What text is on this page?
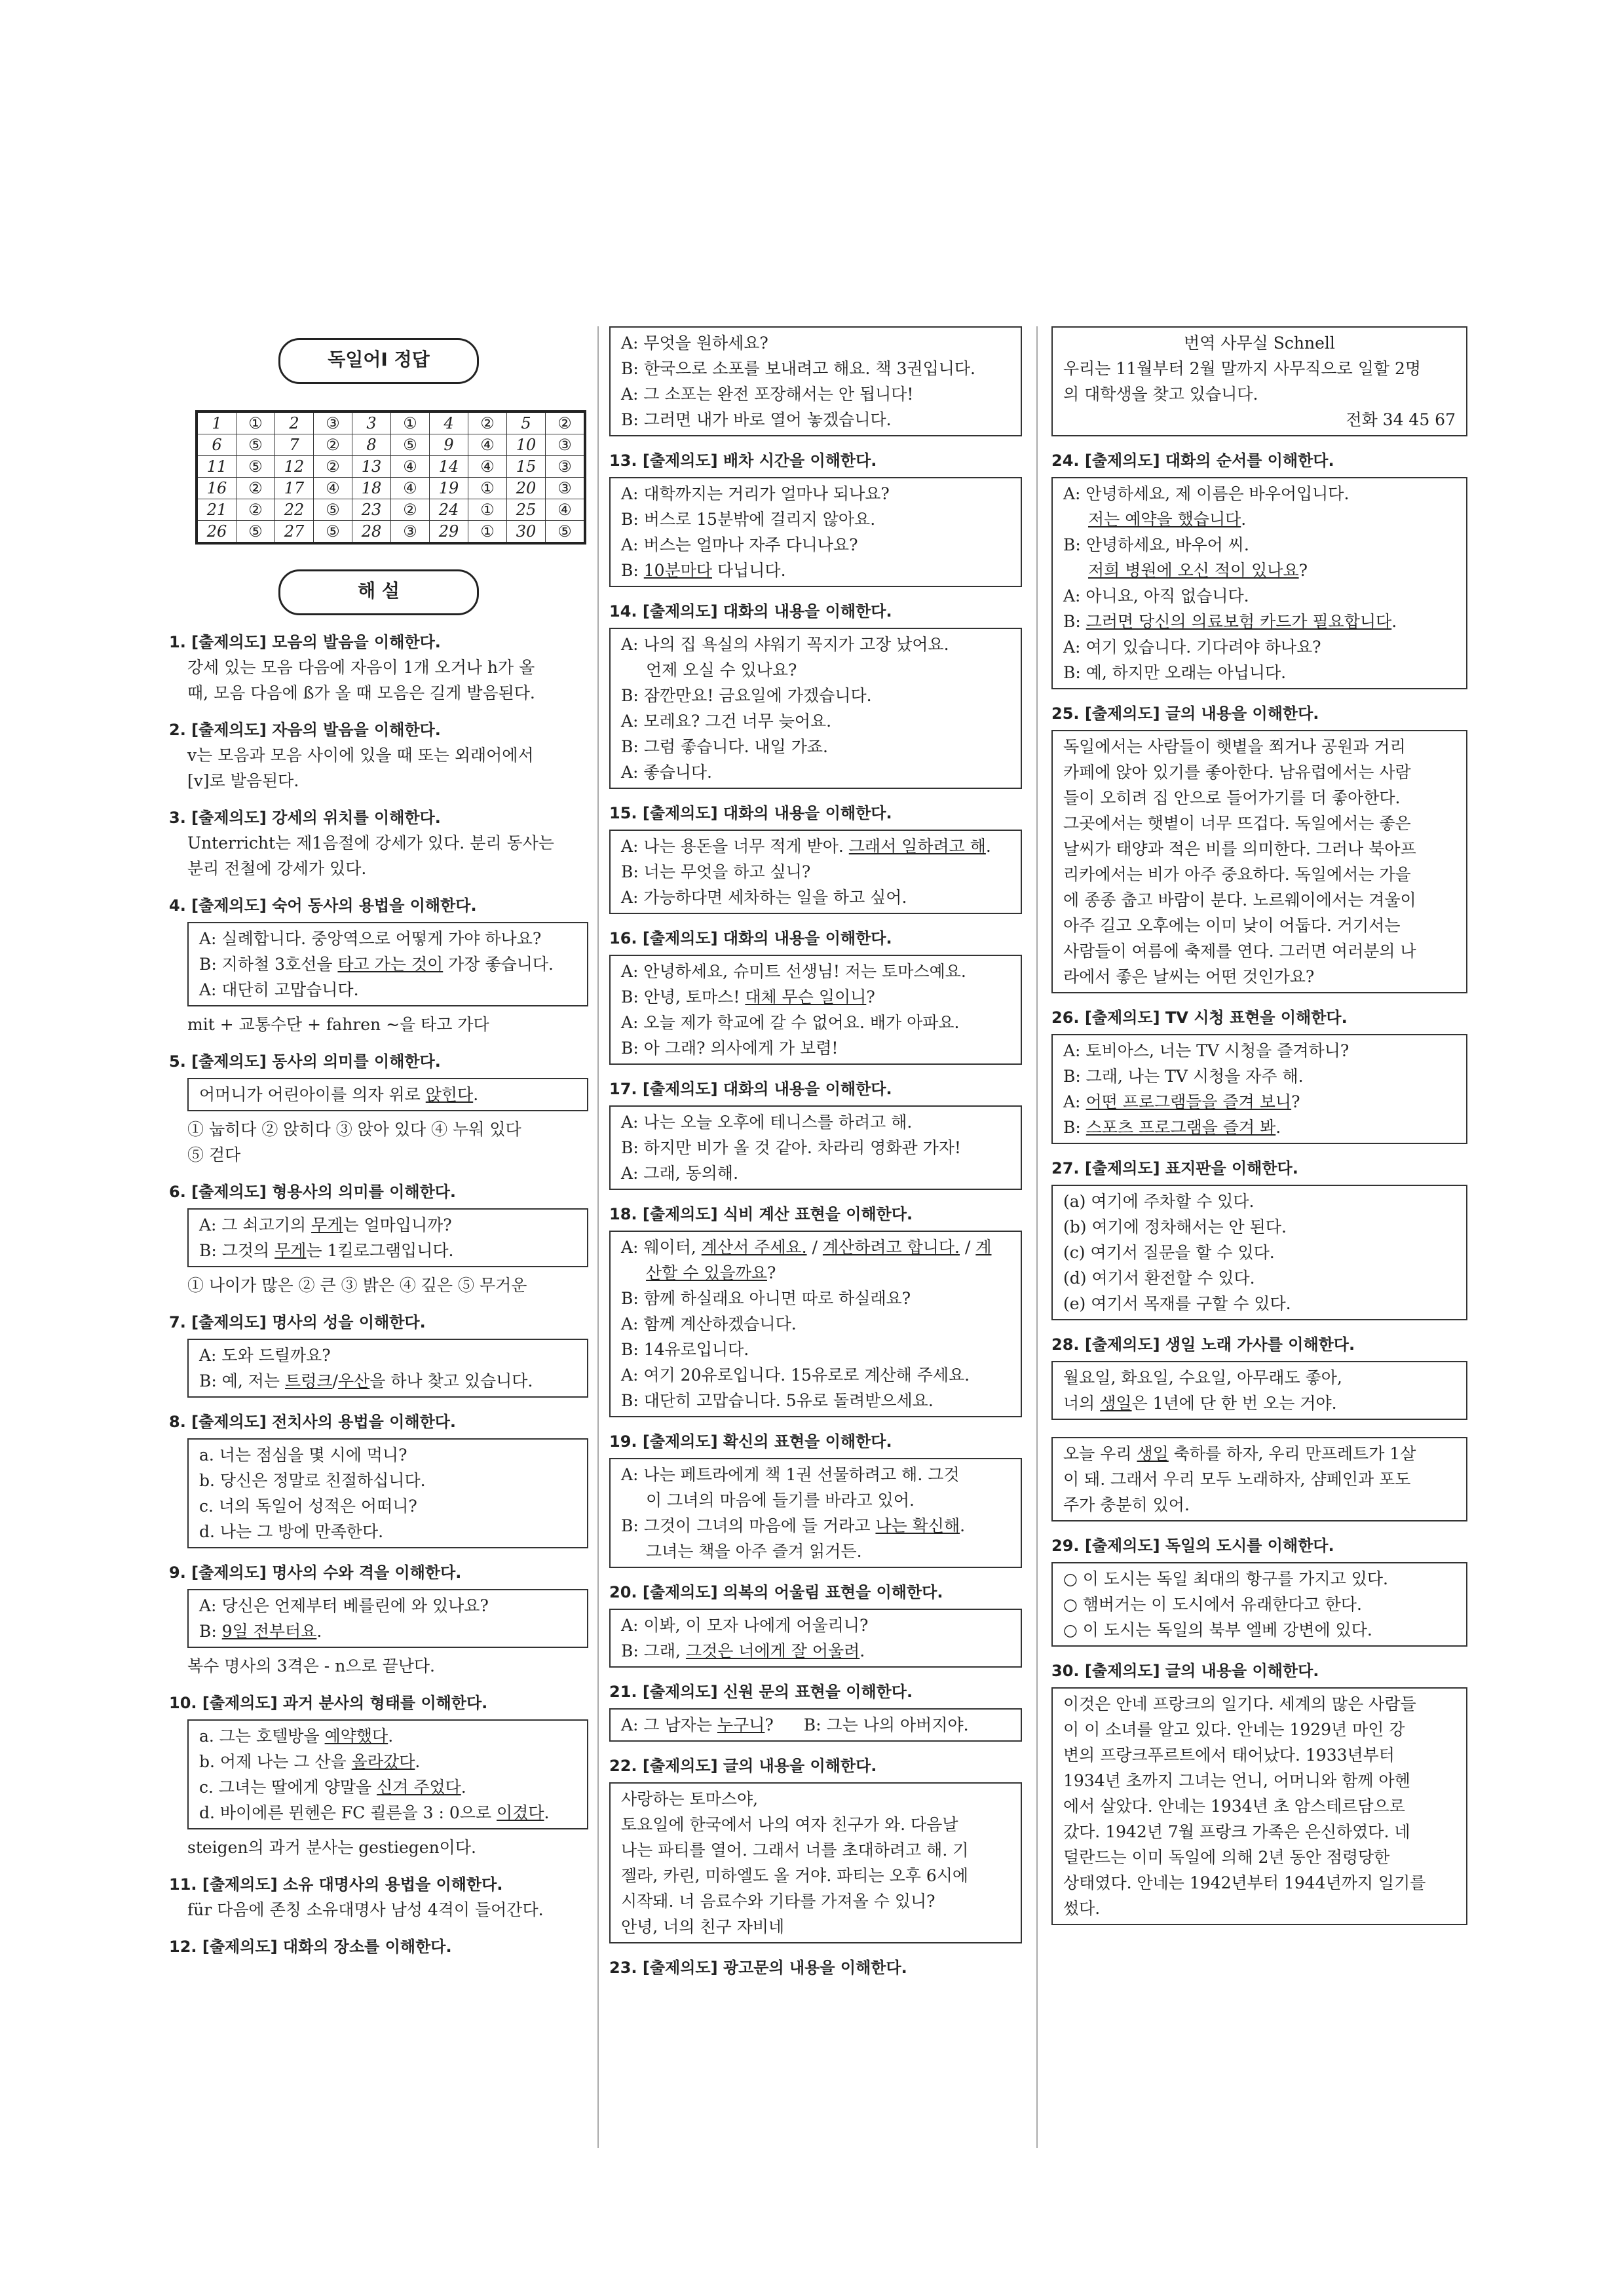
독일어Ⅰ 정답
1	①	2	③	3	①	4	②	5	②
6	⑤	7	②	8	⑤	9	④	10	③
11	⑤	12	②	13	④	14	④	15	③
16	②	17	④	18	④	19	①	20	③
21	②	22	⑤	23	②	24	①	25	④
26	⑤	27	⑤	28	③	29	①	30	⑤
해 설
1. [출제의도] 모음의 발음을 이해한다.
강세 있는 모음 다음에 자음이 1개 오거나 h가 올
때, 모음 다음에 ß가 올 때 모음은 길게 발음된다.
2. [출제의도] 자음의 발음을 이해한다.
v는 모음과 모음 사이에 있을 때 또는 외래어에서
[v]로 발음된다.
3. [출제의도] 강세의 위치를 이해한다.
Unterricht는 제1음절에 강세가 있다. 분리 동사는
분리 전철에 강세가 있다.
4. [출제의도] 숙어 동사의 용법을 이해한다.
A: 실례합니다. 중앙역으로 어떻게 가야 하나요?
B: 지하철 3호선을 타고 가는 것이 가장 좋습니다.
A: 대단히 고맙습니다.
mit + 교통수단 + fahren ~을 타고 가다
5. [출제의도] 동사의 의미를 이해한다.
어머니가 어린아이를 의자 위로 앉힌다.
① 눕히다 ② 앉히다 ③ 앉아 있다 ④ 누워 있다
⑤ 걷다
6. [출제의도] 형용사의 의미를 이해한다.
A: 그 쇠고기의 무게는 얼마입니까?
B: 그것의 무게는 1킬로그램입니다.
① 나이가 많은 ② 큰 ③ 밝은 ④ 깊은 ⑤ 무거운
7. [출제의도] 명사의 성을 이해한다.
A: 도와 드릴까요?
B: 예, 저는 트렁크/우산을 하나 찾고 있습니다.
8. [출제의도] 전치사의 용법을 이해한다.
a. 너는 점심을 몇 시에 먹니?
b. 당신은 정말로 친절하십니다.
c. 너의 독일어 성적은 어떠니?
d. 나는 그 방에 만족한다.
9. [출제의도] 명사의 수와 격을 이해한다.
A: 당신은 언제부터 베를린에 와 있나요?
B: 9일 전부터요.
복수 명사의 3격은 - n으로 끝난다.
10. [출제의도] 과거 분사의 형태를 이해한다.
a. 그는 호텔방을 예약했다.
b. 어제 나는 그 산을 올라갔다.
c. 그녀는 딸에게 양말을 신겨 주었다.
d. 바이에른 뮌헨은 FC 쾰른을 3 : 0으로 이겼다.
steigen의 과거 분사는 gestiegen이다.
11. [출제의도] 소유 대명사의 용법을 이해한다.
für 다음에 존칭 소유대명사 남성 4격이 들어간다.
12. [출제의도] 대화의 장소를 이해한다.
A: 무엇을 원하세요?
B: 한국으로 소포를 보내려고 해요. 책 3권입니다.
A: 그 소포는 완전 포장해서는 안 됩니다!
B: 그러면 내가 바로 열어 놓겠습니다.
13. [출제의도] 배차 시간을 이해한다.
A: 대학까지는 거리가 얼마나 되나요?
B: 버스로 15분밖에 걸리지 않아요.
A: 버스는 얼마나 자주 다니나요?
B: 10분마다 다닙니다.
14. [출제의도] 대화의 내용을 이해한다.
A: 나의 집 욕실의 샤워기 꼭지가 고장 났어요.
언제 오실 수 있나요?
B: 잠깐만요! 금요일에 가겠습니다.
A: 모레요? 그건 너무 늦어요.
B: 그럼 좋습니다. 내일 가죠.
A: 좋습니다.
15. [출제의도] 대화의 내용을 이해한다.
A: 나는 용돈을 너무 적게 받아. 그래서 일하려고 해.
B: 너는 무엇을 하고 싶니?
A: 가능하다면 세차하는 일을 하고 싶어.
16. [출제의도] 대화의 내용을 이해한다.
A: 안녕하세요, 슈미트 선생님! 저는 토마스예요.
B: 안녕, 토마스! 대체 무슨 일이니?
A: 오늘 제가 학교에 갈 수 없어요. 배가 아파요.
B: 아 그래? 의사에게 가 보렴!
17. [출제의도] 대화의 내용을 이해한다.
A: 나는 오늘 오후에 테니스를 하려고 해.
B: 하지만 비가 올 것 같아. 차라리 영화관 가자!
A: 그래, 동의해.
18. [출제의도] 식비 계산 표현을 이해한다.
A: 웨이터, 계산서 주세요. / 계산하려고 합니다. / 계
산할 수 있을까요?
B: 함께 하실래요 아니면 따로 하실래요?
A: 함께 계산하겠습니다.
B: 14유로입니다.
A: 여기 20유로입니다. 15유로로 계산해 주세요.
B: 대단히 고맙습니다. 5유로 돌려받으세요.
19. [출제의도] 확신의 표현을 이해한다.
A: 나는 페트라에게 책 1권 선물하려고 해. 그것
이 그녀의 마음에 들기를 바라고 있어.
B: 그것이 그녀의 마음에 들 거라고 나는 확신해.
그녀는 책을 아주 즐겨 읽거든.
20. [출제의도] 의복의 어울림 표현을 이해한다.
A: 이봐, 이 모자 나에게 어울리니?
B: 그래, 그것은 너에게 잘 어울려.
21. [출제의도] 신원 문의 표현을 이해한다.
A: 그 남자는 누구니? B: 그는 나의 아버지야.
22. [출제의도] 글의 내용을 이해한다.
사랑하는 토마스야,
토요일에 한국에서 나의 여자 친구가 와. 다음날
나는 파티를 열어. 그래서 너를 초대하려고 해. 기
젤라, 카린, 미하엘도 올 거야. 파티는 오후 6시에
시작돼. 너 음료수와 기타를 가져올 수 있니?
안녕, 너의 친구 자비네
23. [출제의도] 광고문의 내용을 이해한다.
번역 사무실 Schnell
우리는 11월부터 2월 말까지 사무직으로 일할 2명
의 대학생을 찾고 있습니다.
전화 34 45 67
24. [출제의도] 대화의 순서를 이해한다.
A: 안녕하세요, 제 이름은 바우어입니다.
저는 예약을 했습니다.
B: 안녕하세요, 바우어 씨.
저희 병원에 오신 적이 있나요?
A: 아니요, 아직 없습니다.
B: 그러면 당신의 의료보험 카드가 필요합니다.
A: 여기 있습니다. 기다려야 하나요?
B: 예, 하지만 오래는 아닙니다.
25. [출제의도] 글의 내용을 이해한다.
독일에서는 사람들이 햇볕을 쬐거나 공원과 거리
카페에 앉아 있기를 좋아한다. 남유럽에서는 사람
들이 오히려 집 안으로 들어가기를 더 좋아한다.
그곳에서는 햇볕이 너무 뜨겁다. 독일에서는 좋은
날씨가 태양과 적은 비를 의미한다. 그러나 북아프
리카에서는 비가 아주 중요하다. 독일에서는 가을
에 종종 춥고 바람이 분다. 노르웨이에서는 겨울이
아주 길고 오후에는 이미 낮이 어둡다. 거기서는
사람들이 여름에 축제를 연다. 그러면 여러분의 나
라에서 좋은 날씨는 어떤 것인가요?
26. [출제의도] TV 시청 표현을 이해한다.
A: 토비아스, 너는 TV 시청을 즐겨하니?
B: 그래, 나는 TV 시청을 자주 해.
A: 어떤 프로그램들을 즐겨 보니?
B: 스포츠 프로그램을 즐겨 봐.
27. [출제의도] 표지판을 이해한다.
(a) 여기에 주차할 수 있다.
(b) 여기에 정차해서는 안 된다.
(c) 여기서 질문을 할 수 있다.
(d) 여기서 환전할 수 있다.
(e) 여기서 목재를 구할 수 있다.
28. [출제의도] 생일 노래 가사를 이해한다.
월요일, 화요일, 수요일, 아무래도 좋아,
너의 생일은 1년에 단 한 번 오는 거야.
오늘 우리 생일 축하를 하자, 우리 만프레트가 1살
이 돼. 그래서 우리 모두 노래하자, 샴페인과 포도
주가 충분히 있어.
29. [출제의도] 독일의 도시를 이해한다.
○ 이 도시는 독일 최대의 항구를 가지고 있다.
○ 햄버거는 이 도시에서 유래한다고 한다.
○ 이 도시는 독일의 북부 엘베 강변에 있다.
30. [출제의도] 글의 내용을 이해한다.
이것은 안네 프랑크의 일기다. 세계의 많은 사람들
이 이 소녀를 알고 있다. 안네는 1929년 마인 강
변의 프랑크푸르트에서 태어났다. 1933년부터
1934년 초까지 그녀는 언니, 어머니와 함께 아헨
에서 살았다. 안네는 1934년 초 암스테르담으로
갔다. 1942년 7월 프랑크 가족은 은신하였다. 네
덜란드는 이미 독일에 의해 2년 동안 점령당한
상태였다. 안네는 1942년부터 1944년까지 일기를
썼다.
